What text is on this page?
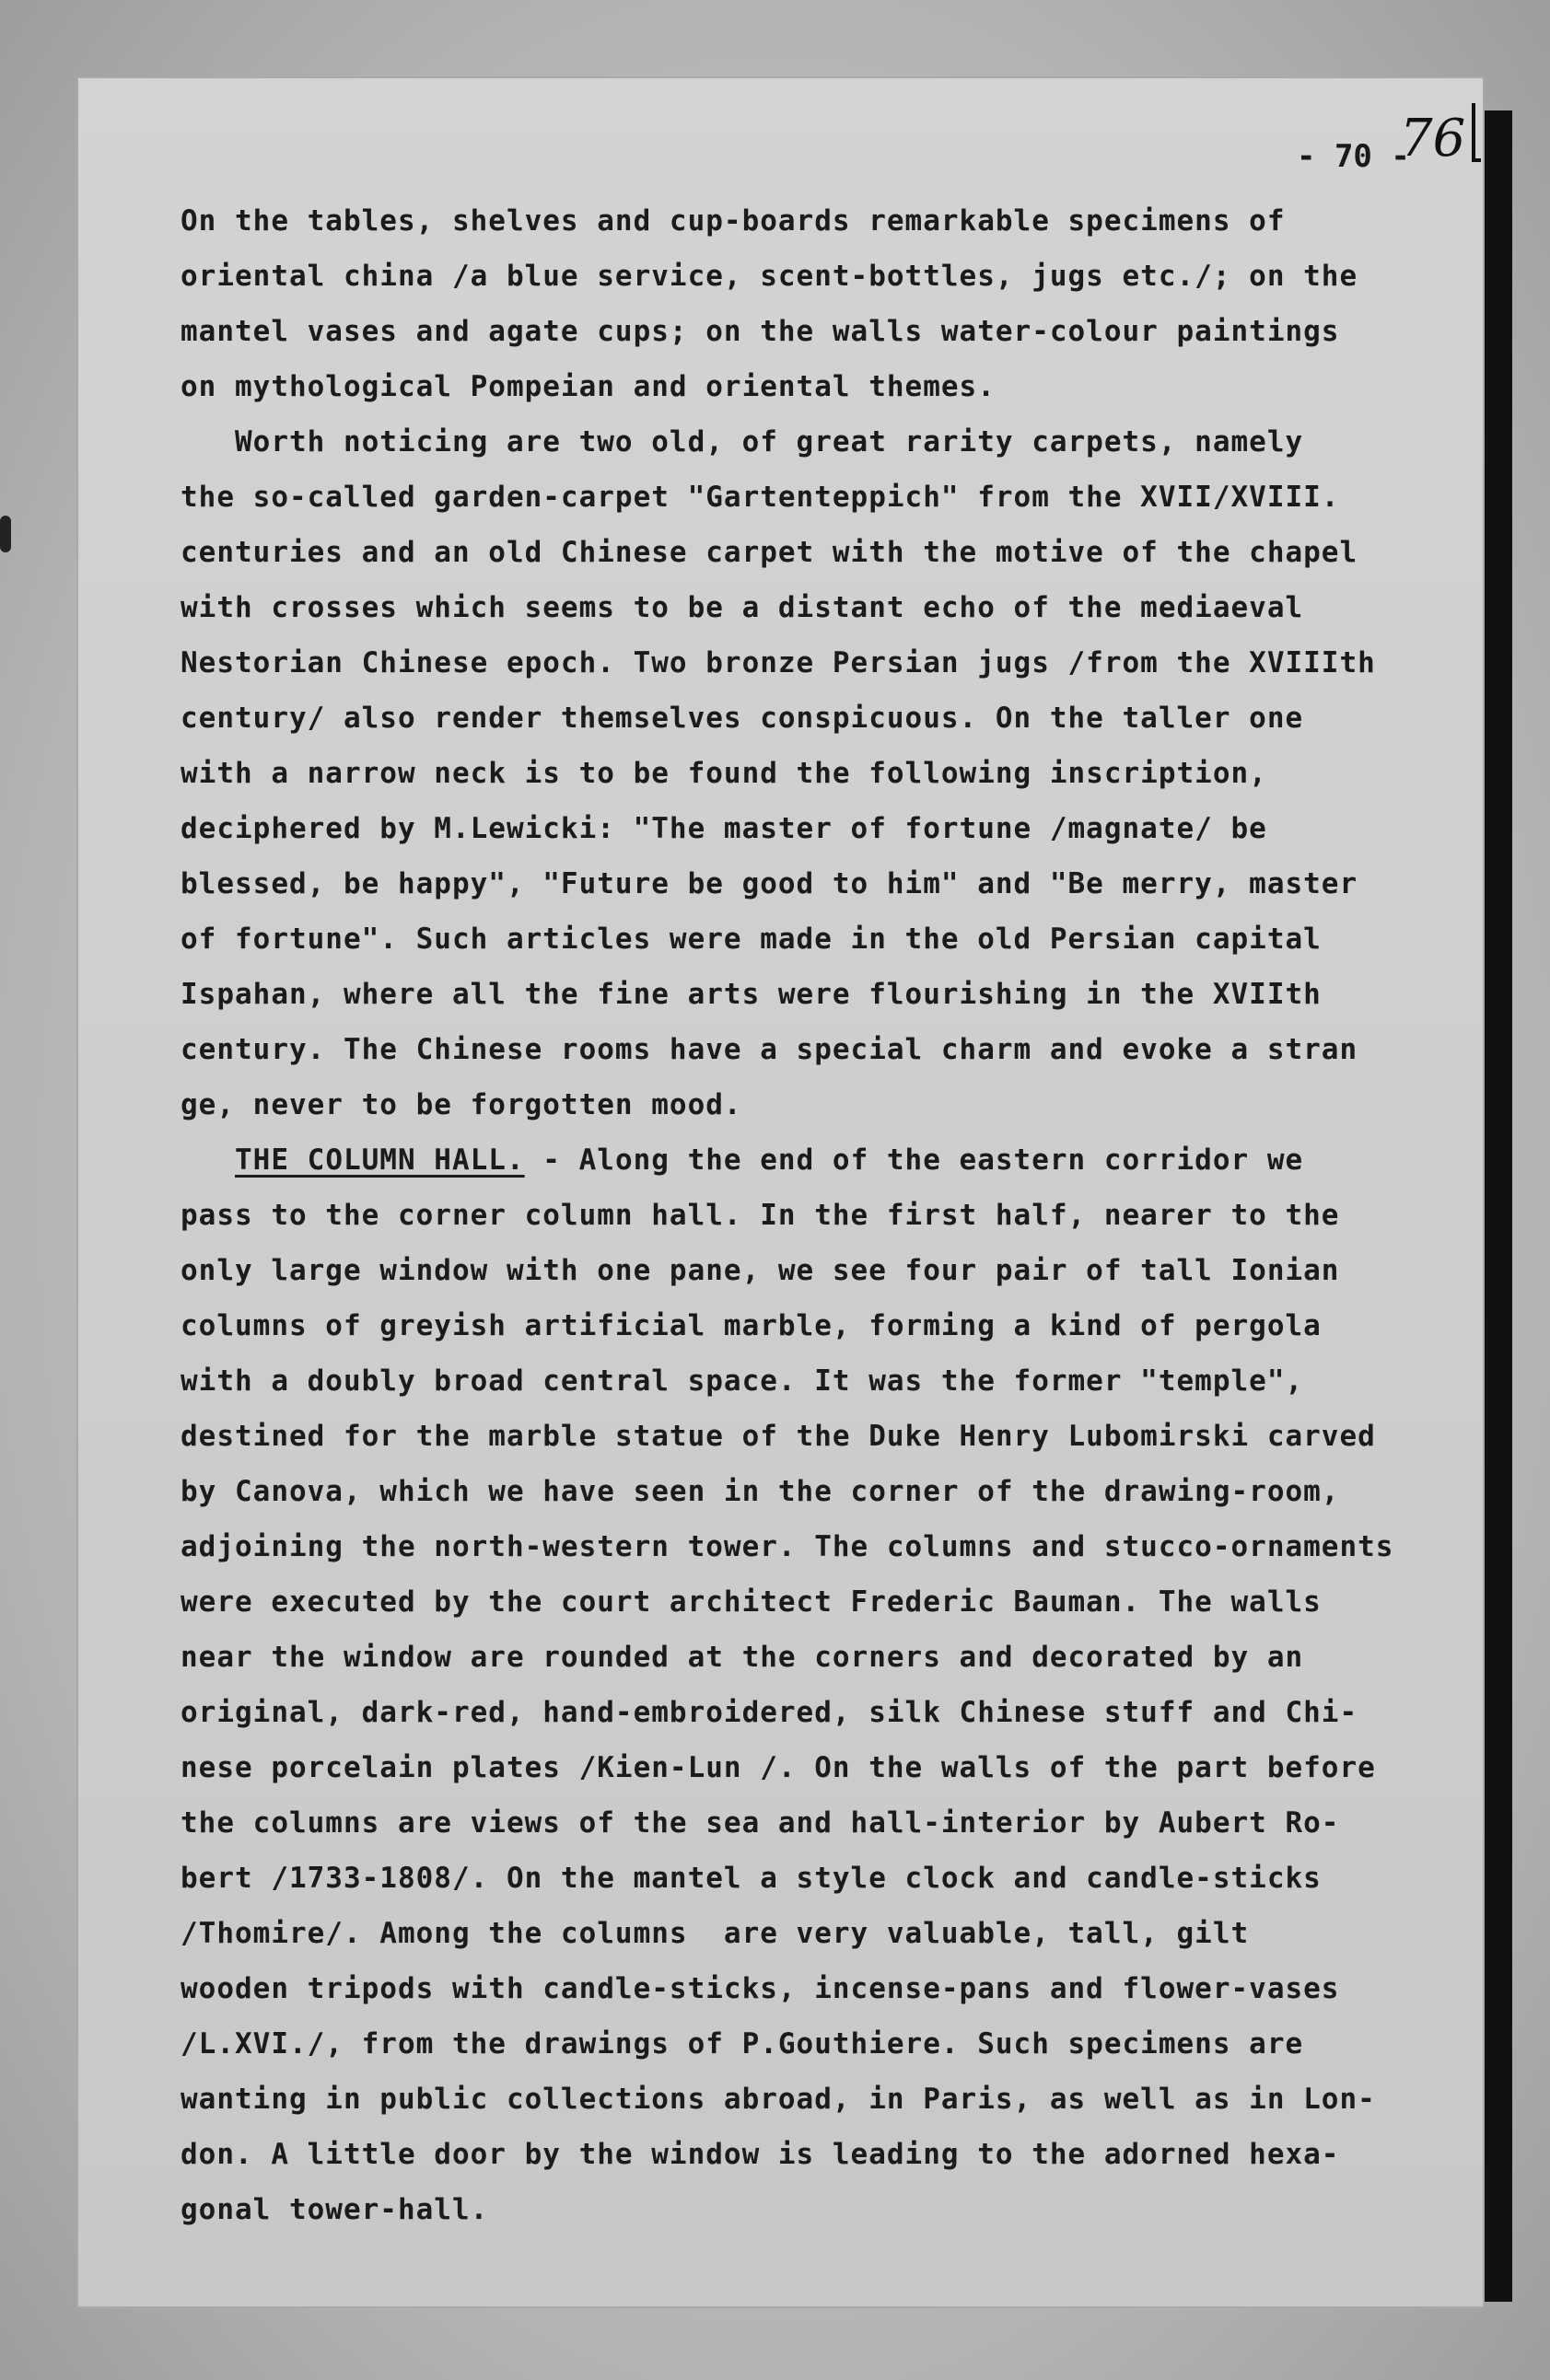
- 70 -
76
On the tables, shelves and cup-boards remarkable specimens of
oriental china /a blue service, scent-bottles, jugs etc./; on the
mantel vases and agate cups; on the walls water-colour paintings
on mythological Pompeian and oriental themes.
Worth noticing are two old, of great rarity carpets, namely
the so-called garden-carpet "Gartenteppich" from the XVII/XVIII.
centuries and an old Chinese carpet with the motive of the chapel
with crosses which seems to be a distant echo of the mediaeval
Nestorian Chinese epoch. Two bronze Persian jugs /from the XVIIIth
century/ also render themselves conspicuous. On the taller one
with a narrow neck is to be found the following inscription,
deciphered by M.Lewicki: "The master of fortune /magnate/ be
blessed, be happy", "Future be good to him" and "Be merry, master
of fortune". Such articles were made in the old Persian capital
Ispahan, where all the fine arts were flourishing in the XVIIth
century. The Chinese rooms have a special charm and evoke a stran
ge, never to be forgotten mood.
THE COLUMN HALL. - Along the end of the eastern corridor we
pass to the corner column hall. In the first half, nearer to the
only large window with one pane, we see four pair of tall Ionian
columns of greyish artificial marble, forming a kind of pergola
with a doubly broad central space. It was the former "temple",
destined for the marble statue of the Duke Henry Lubomirski carved
by Canova, which we have seen in the corner of the drawing-room,
adjoining the north-western tower. The columns and stucco-ornaments
were executed by the court architect Frederic Bauman. The walls
near the window are rounded at the corners and decorated by an
original, dark-red, hand-embroidered, silk Chinese stuff and Chi-
nese porcelain plates /Kien-Lun /. On the walls of the part before
the columns are views of the sea and hall-interior by Aubert Ro-
bert /1733-1808/. On the mantel a style clock and candle-sticks
/Thomire/. Among the columns  are very valuable, tall, gilt
wooden tripods with candle-sticks, incense-pans and flower-vases
/L.XVI./, from the drawings of P.Gouthiere. Such specimens are
wanting in public collections abroad, in Paris, as well as in Lon-
don. A little door by the window is leading to the adorned hexa-
gonal tower-hall.
